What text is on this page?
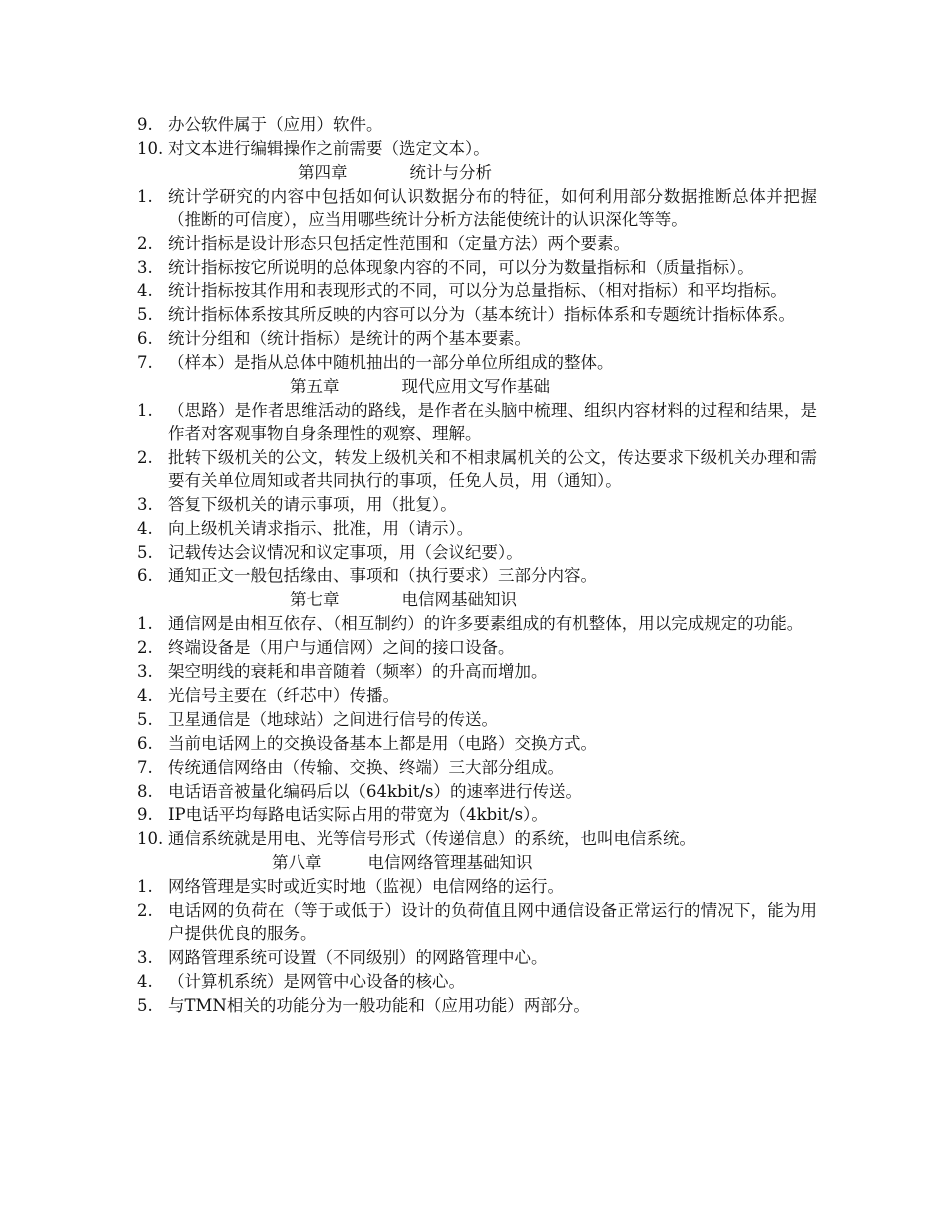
9. 办公软件属于（应用）软件。
10. 对文本进行编辑操作之前需要（选定文本）。
第四章	统计与分析
1. 统计学研究的内容中包括如何认识数据分布的特征，如何利用部分数据推断总体并把握（推断的可信度），应当用哪些统计分析方法能使统计的认识深化等等。
2. 统计指标是设计形态只包括定性范围和（定量方法）两个要素。
3. 统计指标按它所说明的总体现象内容的不同，可以分为数量指标和（质量指标）。
4. 统计指标按其作用和表现形式的不同，可以分为总量指标、（相对指标）和平均指标。
5. 统计指标体系按其所反映的内容可以分为（基本统计）指标体系和专题统计指标体系。
6. 统计分组和（统计指标）是统计的两个基本要素。
7. （样本）是指从总体中随机抽出的一部分单位所组成的整体。
第五章	现代应用文写作基础
1. （思路）是作者思维活动的路线，是作者在头脑中梳理、组织内容材料的过程和结果，是作者对客观事物自身条理性的观察、理解。
2. 批转下级机关的公文，转发上级机关和不相隶属机关的公文，传达要求下级机关办理和需要有关单位周知或者共同执行的事项，任免人员，用（通知）。
3. 答复下级机关的请示事项，用（批复）。
4. 向上级机关请求指示、批准，用（请示）。
5. 记载传达会议情况和议定事项，用（会议纪要）。
6. 通知正文一般包括缘由、事项和（执行要求）三部分内容。
第七章	电信网基础知识
1. 通信网是由相互依存、（相互制约）的许多要素组成的有机整体，用以完成规定的功能。
2. 终端设备是（用户与通信网）之间的接口设备。
3. 架空明线的衰耗和串音随着（频率）的升高而增加。
4. 光信号主要在（纤芯中）传播。
5. 卫星通信是（地球站）之间进行信号的传送。
6. 当前电话网上的交换设备基本上都是用（电路）交换方式。
7. 传统通信网络由（传输、交换、终端）三大部分组成。
8. 电话语音被量化编码后以（64kbit/s）的速率进行传送。
9. IP电话平均每路电话实际占用的带宽为（4kbit/s）。
10. 通信系统就是用电、光等信号形式（传递信息）的系统，也叫电信系统。
第八章	电信网络管理基础知识
1. 网络管理是实时或近实时地（监视）电信网络的运行。
2. 电话网的负荷在（等于或低于）设计的负荷值且网中通信设备正常运行的情况下，能为用户提供优良的服务。
3. 网路管理系统可设置（不同级别）的网路管理中心。
4. （计算机系统）是网管中心设备的核心。
5. 与TMN相关的功能分为一般功能和（应用功能）两部分。
